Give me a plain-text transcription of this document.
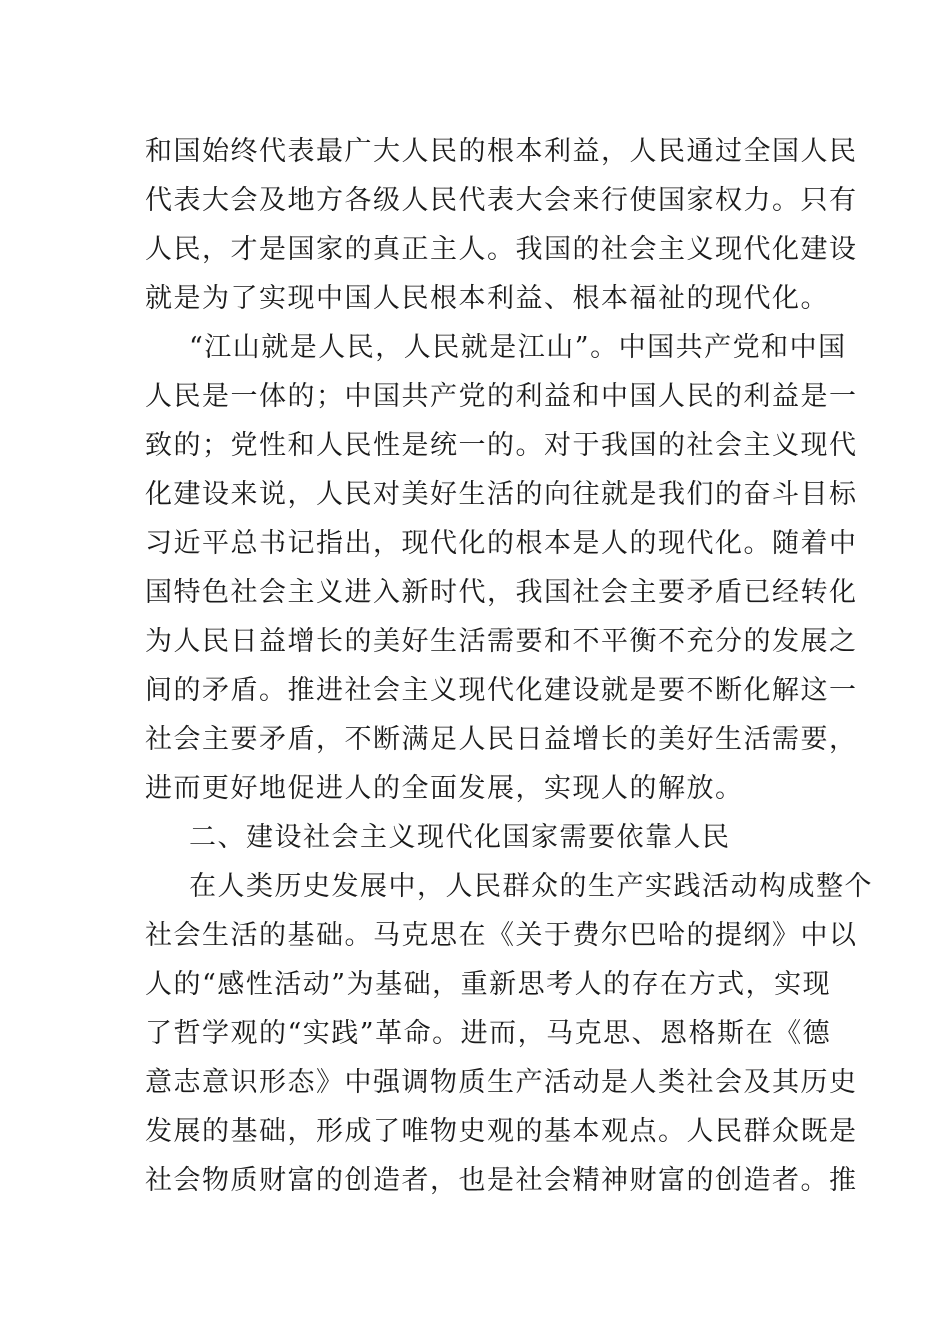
和国始终代表最广大人民的根本利益，人民通过全国人民
代表大会及地方各级人民代表大会来行使国家权力。只有
人民，才是国家的真正主人。我国的社会主义现代化建设
就是为了实现中国人民根本利益、根本福祉的现代化。
“江山就是人民，人民就是江山”。中国共产党和中国
人民是一体的；中国共产党的利益和中国人民的利益是一
致的；党性和人民性是统一的。对于我国的社会主义现代
化建设来说，人民对美好生活的向往就是我们的奋斗目标
习近平总书记指出，现代化的根本是人的现代化。随着中
国特色社会主义进入新时代，我国社会主要矛盾已经转化
为人民日益增长的美好生活需要和不平衡不充分的发展之
间的矛盾。推进社会主义现代化建设就是要不断化解这一
社会主要矛盾，不断满足人民日益增长的美好生活需要，
进而更好地促进人的全面发展，实现人的解放。
二、建设社会主义现代化国家需要依靠人民
在人类历史发展中，人民群众的生产实践活动构成整个
社会生活的基础。马克思在《关于费尔巴哈的提纲》中以
人的“感性活动”为基础，重新思考人的存在方式，实现
了哲学观的“实践”革命。进而，马克思、恩格斯在《德
意志意识形态》中强调物质生产活动是人类社会及其历史
发展的基础，形成了唯物史观的基本观点。人民群众既是
社会物质财富的创造者，也是社会精神财富的创造者。推
